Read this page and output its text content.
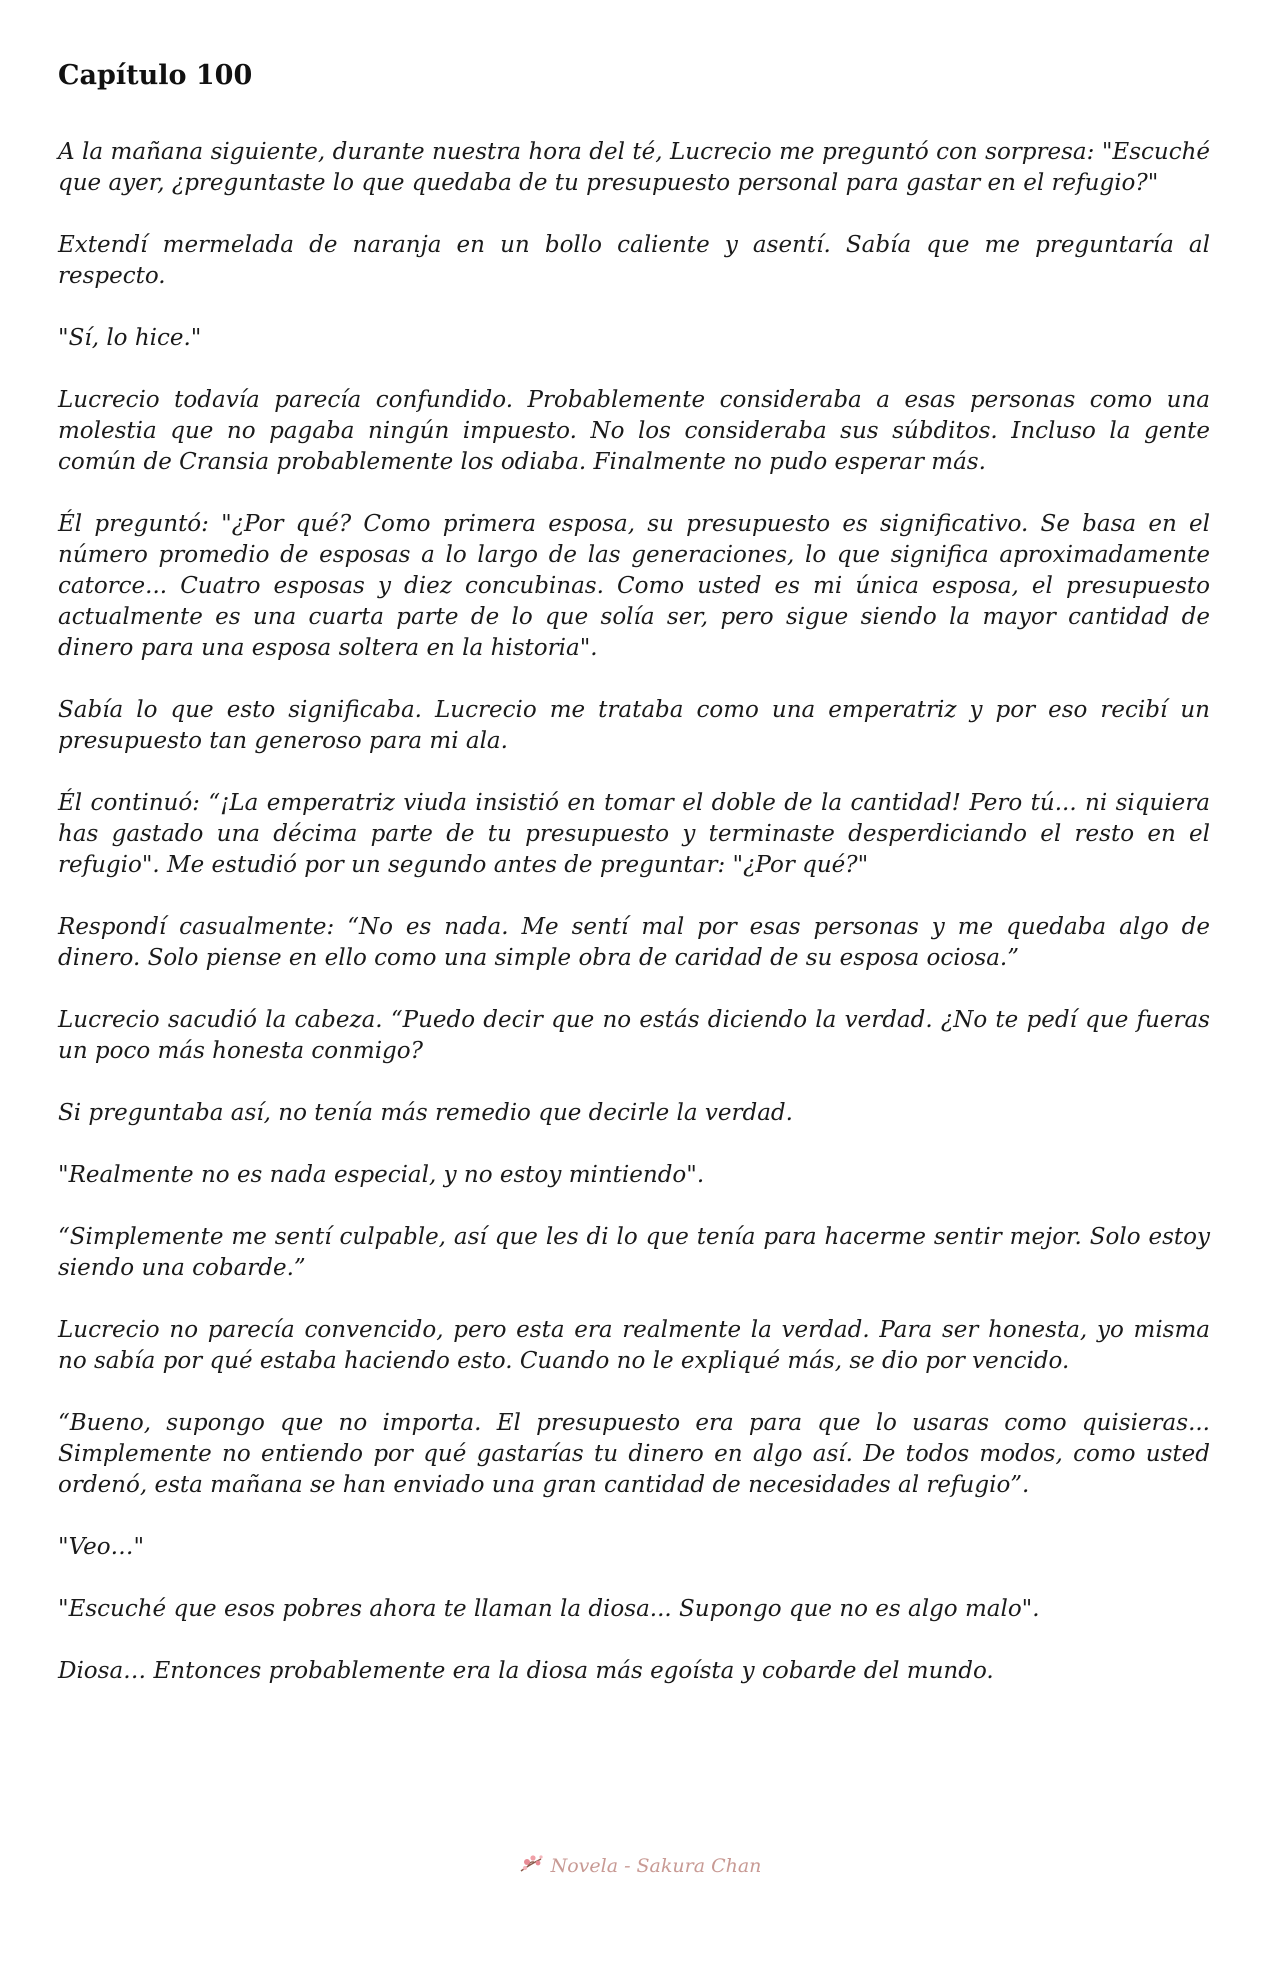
Capítulo 100

A la mañana siguiente, durante nuestra hora del té, Lucrecio me preguntó con sorpresa: "Escuché que ayer, ¿preguntaste lo que quedaba de tu presupuesto personal para gastar en el refugio?"

Extendí mermelada de naranja en un bollo caliente y asentí. Sabía que me preguntaría al respecto.

"Sí, lo hice."

Lucrecio todavía parecía confundido. Probablemente consideraba a esas personas como una molestia que no pagaba ningún impuesto. No los consideraba sus súbditos. Incluso la gente común de Cransia probablemente los odiaba. Finalmente no pudo esperar más.

Él preguntó: "¿Por qué? Como primera esposa, su presupuesto es significativo. Se basa en el número promedio de esposas a lo largo de las generaciones, lo que significa aproximadamente catorce... Cuatro esposas y diez concubinas. Como usted es mi única esposa, el presupuesto actualmente es una cuarta parte de lo que solía ser, pero sigue siendo la mayor cantidad de dinero para una esposa soltera en la historia".

Sabía lo que esto significaba. Lucrecio me trataba como una emperatriz y por eso recibí un presupuesto tan generoso para mi ala.

Él continuó: “¡La emperatriz viuda insistió en tomar el doble de la cantidad! Pero tú... ni siquiera has gastado una décima parte de tu presupuesto y terminaste desperdiciando el resto en el refugio". Me estudió por un segundo antes de preguntar: "¿Por qué?"

Respondí casualmente: “No es nada. Me sentí mal por esas personas y me quedaba algo de dinero. Solo piense en ello como una simple obra de caridad de su esposa ociosa.”

Lucrecio sacudió la cabeza. “Puedo decir que no estás diciendo la verdad. ¿No te pedí que fueras un poco más honesta conmigo?

Si preguntaba así, no tenía más remedio que decirle la verdad.

"Realmente no es nada especial, y no estoy mintiendo".

“Simplemente me sentí culpable, así que les di lo que tenía para hacerme sentir mejor. Solo estoy siendo una cobarde.”

Lucrecio no parecía convencido, pero esta era realmente la verdad. Para ser honesta, yo misma no sabía por qué estaba haciendo esto. Cuando no le expliqué más, se dio por vencido.

“Bueno, supongo que no importa. El presupuesto era para que lo usaras como quisieras... Simplemente no entiendo por qué gastarías tu dinero en algo así. De todos modos, como usted ordenó, esta mañana se han enviado una gran cantidad de necesidades al refugio”.

"Veo…"

"Escuché que esos pobres ahora te llaman la diosa... Supongo que no es algo malo".

Diosa… Entonces probablemente era la diosa más egoísta y cobarde del mundo.

Novela - Sakura Chan
